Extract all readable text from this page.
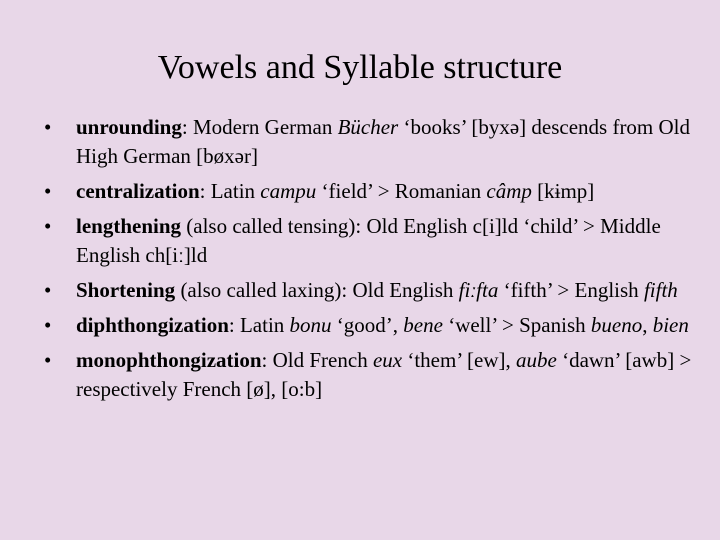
Vowels and Syllable structure
• unrounding: Modern German Bücher ‘books’ [byxə] descends from Old High German [bøxər]
• centralization: Latin campu ‘field’ > Romanian câmp [kɨmp]
• lengthening (also called tensing): Old English c[i]ld ‘child’ > Middle English ch[iː]ld
• Shortening (also called laxing): Old English fiːfta ‘fifth’ > English fifth
• diphthongization: Latin bonu ‘good’, bene ‘well’ > Spanish bueno, bien
• monophthongization: Old French eux ‘them’ [ew], aube ‘dawn’ [awb] > respectively French [ø], [o:b]
